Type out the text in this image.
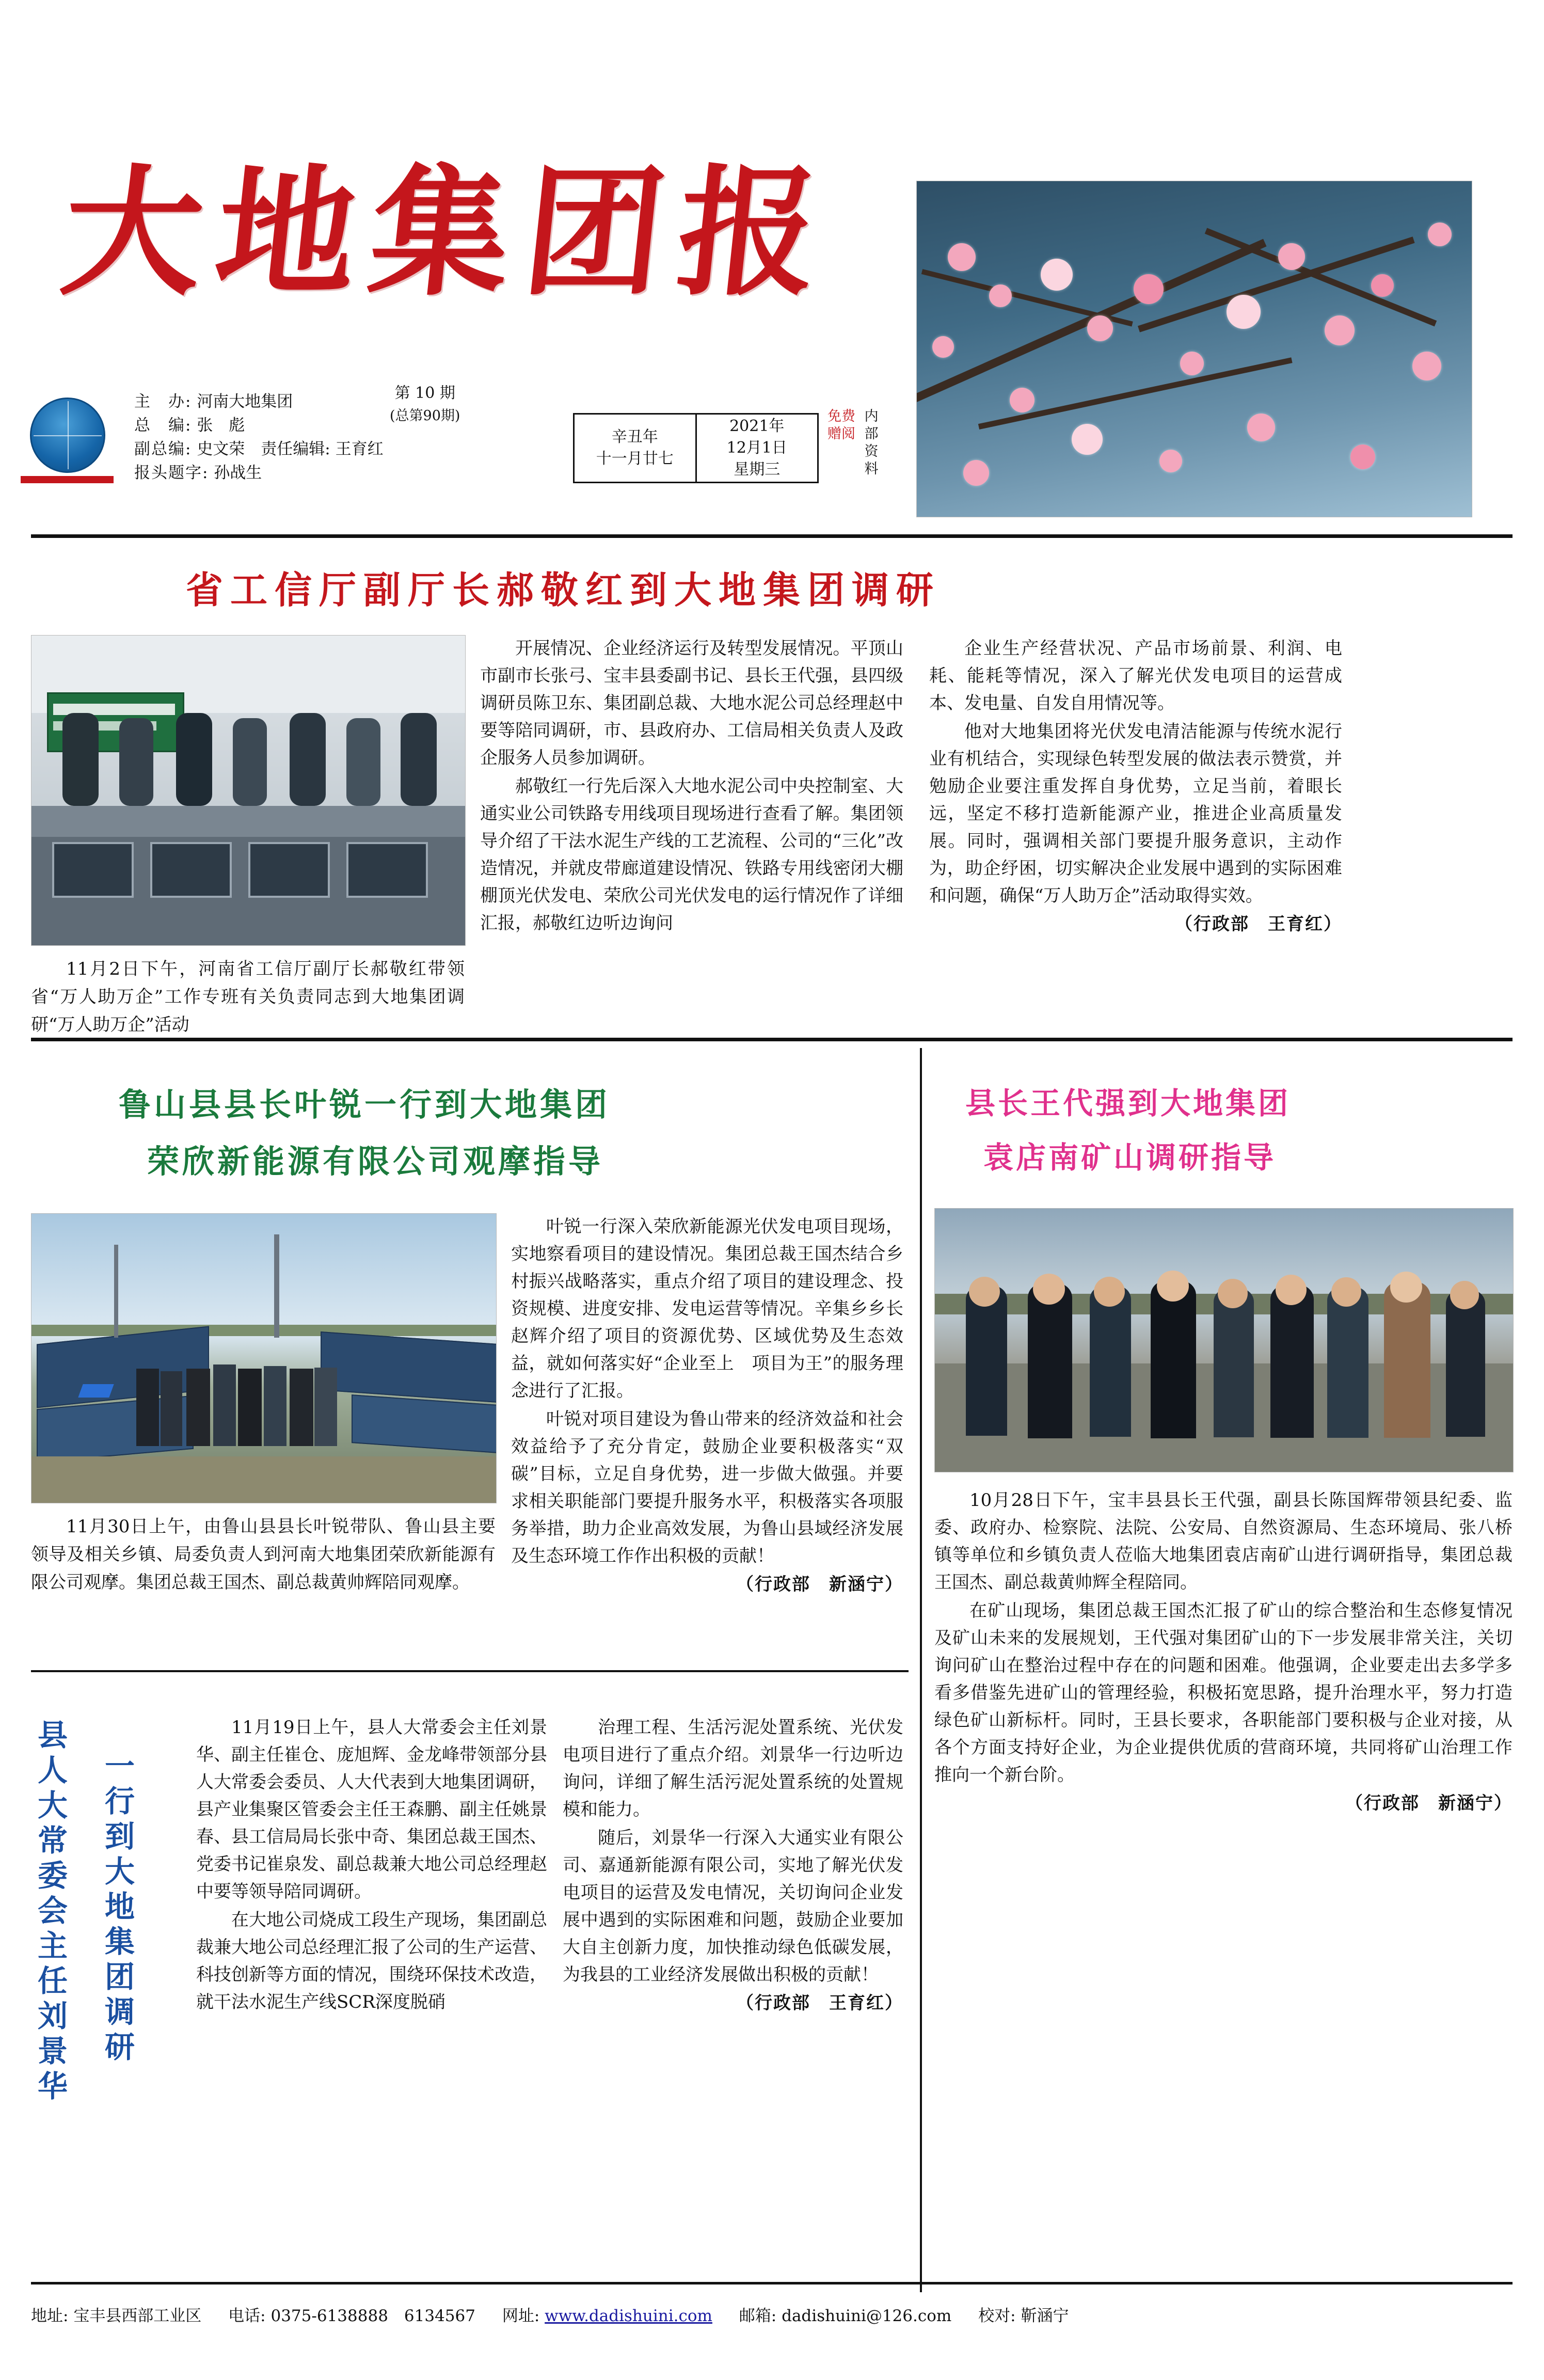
大地集团报
第 10 期
(总第90期)
主　办: 河南大地集团
总　编: 张　彪
副总编: 史文荣　责任编辑: 王育红
报头题字: 孙战生
辛丑年
十一月廿七
2021年
12月1日
星期三
免费赠阅
内部资料
省工信厅副厅长郝敬红到大地集团调研
11月2日下午，河南省工信厅副厅长郝敬红带领省“万人助万企”工作专班有关负责同志到大地集团调研“万人助万企”活动

开展情况、企业经济运行及转型发展情况。平顶山市副市长张弓、宝丰县委副书记、县长王代强，县四级调研员陈卫东、集团副总裁、大地水泥公司总经理赵中要等陪同调研，市、县政府办、工信局相关负责人及政企服务人员参加调研。

郝敬红一行先后深入大地水泥公司中央控制室、大通实业公司铁路专用线项目现场进行查看了解。集团领导介绍了干法水泥生产线的工艺流程、公司的“三化”改造情况，并就皮带廊道建设情况、铁路专用线密闭大棚棚顶光伏发电、荣欣公司光伏发电的运行情况作了详细汇报，郝敬红边听边询问

企业生产经营状况、产品市场前景、利润、电耗、能耗等情况，深入了解光伏发电项目的运营成本、发电量、自发自用情况等。

他对大地集团将光伏发电清洁能源与传统水泥行业有机结合，实现绿色转型发展的做法表示赞赏，并勉励企业要注重发挥自身优势，立足当前，着眼长远，坚定不移打造新能源产业，推进企业高质量发展。同时，强调相关部门要提升服务意识，主动作为，助企纾困，切实解决企业发展中遇到的实际困难和问题，确保“万人助万企”活动取得实效。

（行政部　王育红）

鲁山县县长叶锐一行到大地集团
荣欣新能源有限公司观摩指导
11月30日上午，由鲁山县县长叶锐带队、鲁山县主要领导及相关乡镇、局委负责人到河南大地集团荣欣新能源有限公司观摩。集团总裁王国杰、副总裁黄帅辉陪同观摩。

叶锐一行深入荣欣新能源光伏发电项目现场，实地察看项目的建设情况。集团总裁王国杰结合乡村振兴战略落实，重点介绍了项目的建设理念、投资规模、进度安排、发电运营等情况。辛集乡乡长赵辉介绍了项目的资源优势、区域优势及生态效益，就如何落实好“企业至上　项目为王”的服务理念进行了汇报。

叶锐对项目建设为鲁山带来的经济效益和社会效益给予了充分肯定，鼓励企业要积极落实“双碳”目标，立足自身优势，进一步做大做强。并要求相关职能部门要提升服务水平，积极落实各项服务举措，助力企业高效发展，为鲁山县域经济发展及生态环境工作作出积极的贡献！

（行政部　新涵宁）

县长王代强到大地集团
袁店南矿山调研指导

10月28日下午，宝丰县县长王代强，副县长陈国辉带领县纪委、监委、政府办、检察院、法院、公安局、自然资源局、生态环境局、张八桥镇等单位和乡镇负责人莅临大地集团袁店南矿山进行调研指导，集团总裁王国杰、副总裁黄帅辉全程陪同。

在矿山现场，集团总裁王国杰汇报了矿山的综合整治和生态修复情况及矿山未来的发展规划，王代强对集团矿山的下一步发展非常关注，关切询问矿山在整治过程中存在的问题和困难。他强调，企业要走出去多学多看多借鉴先进矿山的管理经验，积极拓宽思路，提升治理水平，努力打造绿色矿山新标杆。同时，王县长要求，各职能部门要积极与企业对接，从各个方面支持好企业，为企业提供优质的营商环境，共同将矿山治理工作推向一个新台阶。

（行政部　新涵宁）

县人大常委会主任刘景华 一行到大地集团调研

11月19日上午，县人大常委会主任刘景华、副主任崔仓、庞旭辉、金龙峰带领部分县人大常委会委员、人大代表到大地集团调研，县产业集聚区管委会主任王森鹏、副主任姚景春、县工信局局长张中奇、集团总裁王国杰、党委书记崔泉发、副总裁兼大地公司总经理赵中要等领导陪同调研。

在大地公司烧成工段生产现场，集团副总裁兼大地公司总经理汇报了公司的生产运营、科技创新等方面的情况，围绕环保技术改造，就干法水泥生产线SCR深度脱硝

治理工程、生活污泥处置系统、光伏发电项目进行了重点介绍。刘景华一行边听边询问，详细了解生活污泥处置系统的处置规模和能力。

随后，刘景华一行深入大通实业有限公司、嘉通新能源有限公司，实地了解光伏发电项目的运营及发电情况，关切询问企业发展中遇到的实际困难和问题，鼓励企业要加大自主创新力度，加快推动绿色低碳发展，为我县的工业经济发展做出积极的贡献！

（行政部　王育红）

地址: 宝丰县西部工业区 电话: 0375-6138888　6134567 网址: www.dadishuini.com 邮箱: dadishuini@126.com 校对: 靳涵宁
